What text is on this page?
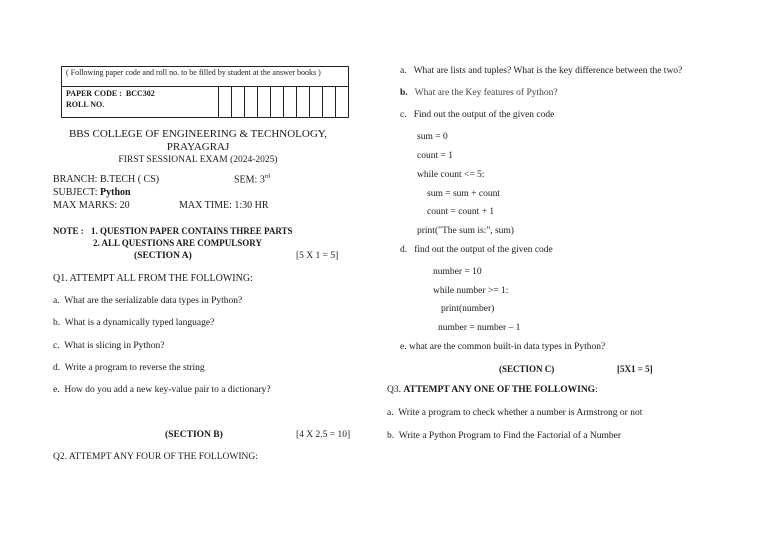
( Following paper code and roll no. to be filled by student at the answer books )
PAPER CODE : BCC302
ROLL NO.
BBS COLLEGE OF ENGINEERING & TECHNOLOGY,
PRAYAGRAJ
FIRST SESSIONAL EXAM (2024-2025)
BRANCH: B.TECH ( CS)	SEM: 3rd
SUBJECT: Python
MAX MARKS: 20	MAX TIME: 1:30 HR
NOTE : 1. QUESTION PAPER CONTAINS THREE PARTS
2. ALL QUESTIONS ARE COMPULSORY
(SECTION A)	[5 X 1 = 5]
Q1. ATTEMPT ALL FROM THE FOLLOWING:
a. What are the serializable data types in Python?
b. What is a dynamically typed language?
c. What is slicing in Python?
d. Write a program to reverse the string
e. How do you add a new key-value pair to a dictionary?
(SECTION B)	[4 X 2.5 = 10]
Q2. ATTEMPT ANY FOUR OF THE FOLLOWING:
a. What are lists and tuples? What is the key difference between the two?
b. What are the Key features of Python?
c. Find out the output of the given code
sum = 0
count = 1
while count <= 5:
sum = sum + count
count = count + 1
print("The sum is:", sum)
d. find out the output of the given code
number = 10
while number >= 1:
print(number)
number = number – 1
e. what are the common built-in data types in Python?
(SECTION C)	[5X1 = 5]
Q3. ATTEMPT ANY ONE OF THE FOLLOWING:
a. Write a program to check whether a number is Armstrong or not
b. Write a Python Program to Find the Factorial of a Number
